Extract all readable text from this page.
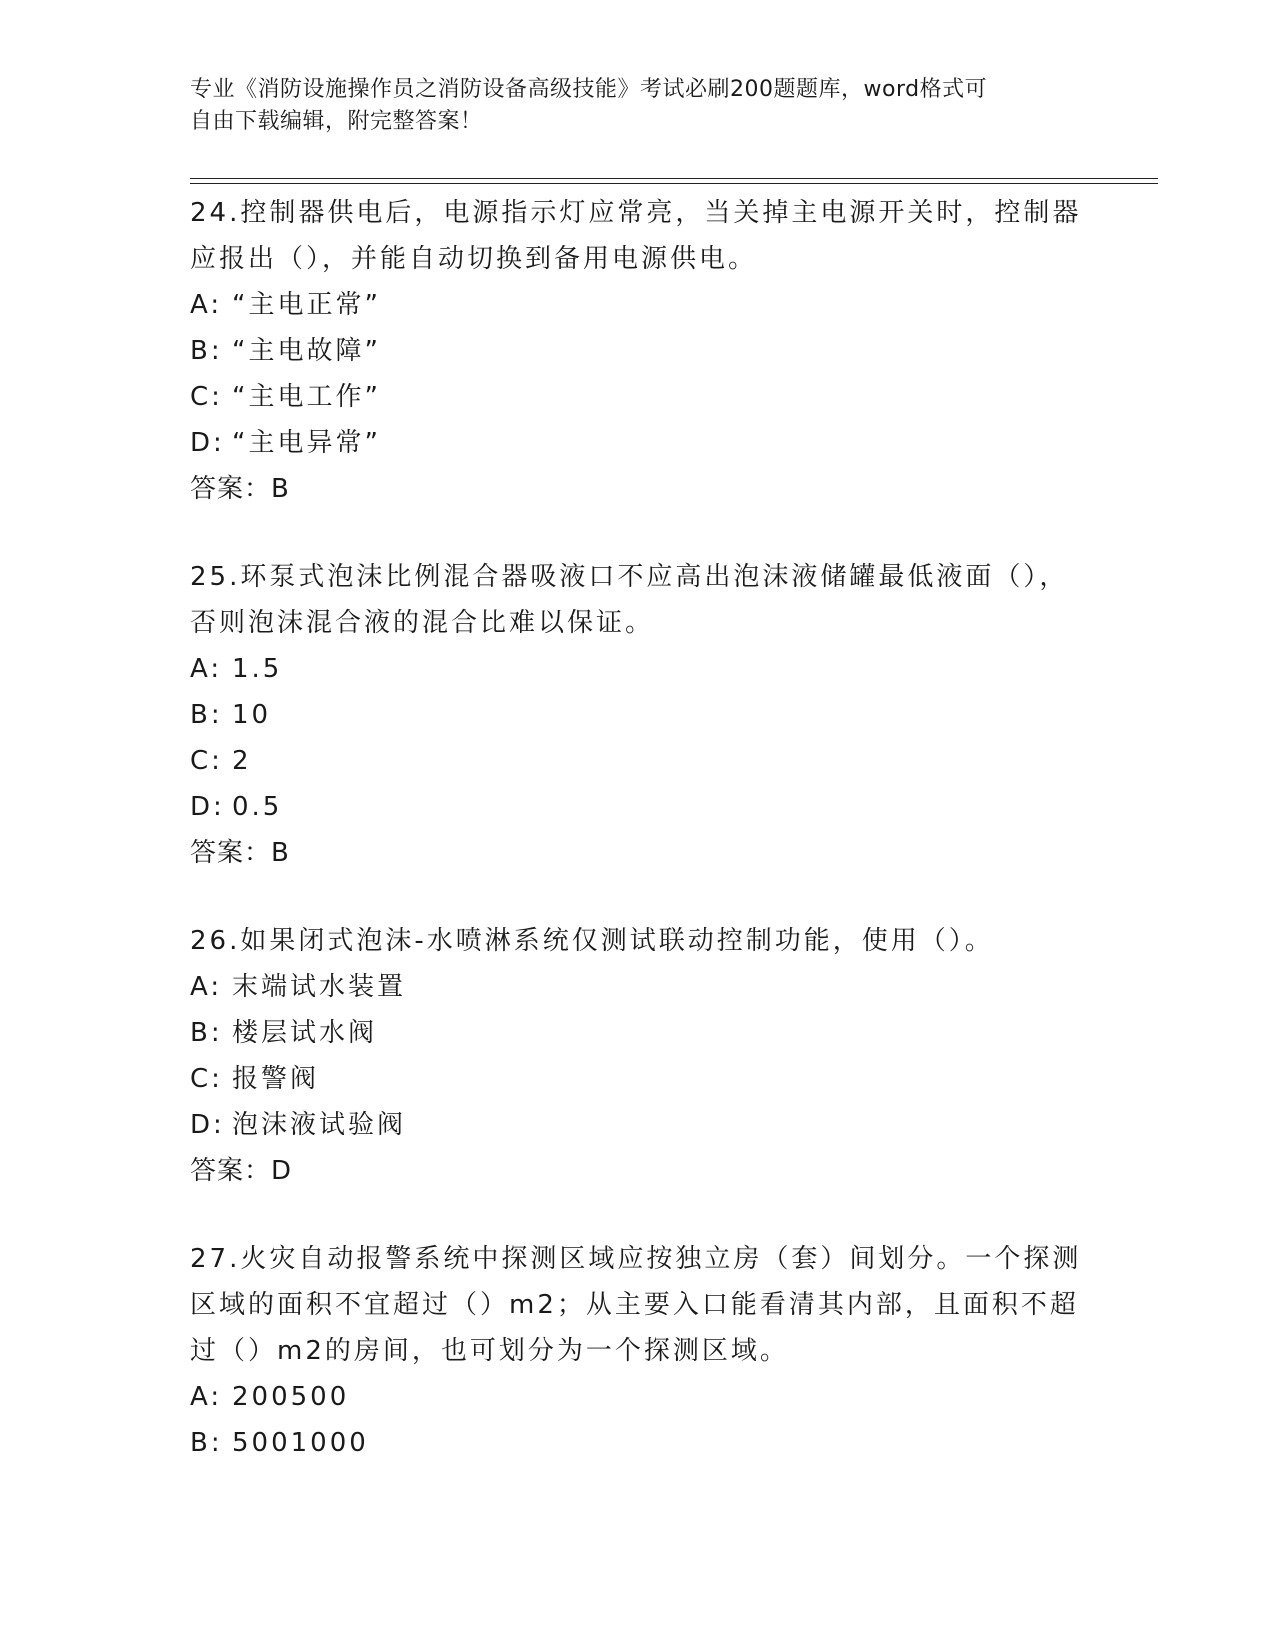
专业《消防设施操作员之消防设备高级技能》考试必刷200题题库，word格式可
自由下载编辑，附完整答案！

24.控制器供电后，电源指示灯应常亮，当关掉主电源开关时，控制器

应报出（），并能自动切换到备用电源供电。

A: “主电正常”
B: “主电故障”
C: “主电工作”
D: “主电异常”

答案：B

25.环泵式泡沫比例混合器吸液口不应高出泡沫液储罐最低液面（），

否则泡沫混合液的混合比难以保证。

A: 1.5
B: 10
C: 2
D: 0.5

答案：B

26.如果闭式泡沫-水喷淋系统仅测试联动控制功能，使用（）。

A: 末端试水装置
B: 楼层试水阀
C: 报警阀
D: 泡沫液试验阀

答案：D

27.火灾自动报警系统中探测区域应按独立房（套）间划分。一个探测

区域的面积不宜超过（）m2；从主要入口能看清其内部，且面积不超

过（）m2的房间，也可划分为一个探测区域。

A: 200500
B: 5001000
